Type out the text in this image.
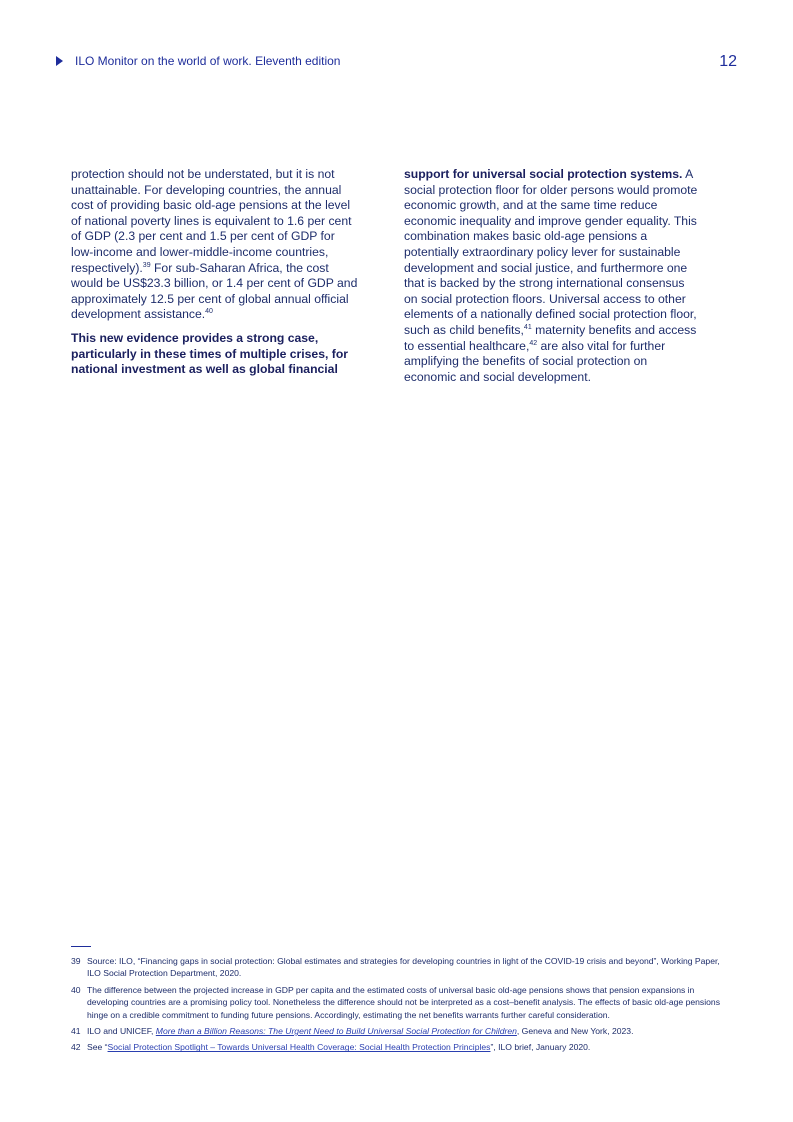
ILO Monitor on the world of work. Eleventh edition	12

protection should not be understated, but it is not unattainable. For developing countries, the annual cost of providing basic old-age pensions at the level of national poverty lines is equivalent to 1.6 per cent of GDP (2.3 per cent and 1.5 per cent of GDP for low-income and lower-middle-income countries, respectively).$^{39}$ For sub-Saharan Africa, the cost would be US$23.3 billion, or 1.4 per cent of GDP and approximately 12.5 per cent of global annual official development assistance.$^{40}$

This new evidence provides a strong case, particularly in these times of multiple crises, for national investment as well as global financial

support for universal social protection systems. A social protection floor for older persons would promote economic growth, and at the same time reduce economic inequality and improve gender equality. This combination makes basic old-age pensions a potentially extraordinary policy lever for sustainable development and social justice, and furthermore one that is backed by the strong international consensus on social protection floors. Universal access to other elements of a nationally defined social protection floor, such as child benefits,$^{41}$ maternity benefits and access to essential healthcare,$^{42}$ are also vital for further amplifying the benefits of social protection on economic and social development.

39 Source: ILO, “Financing gaps in social protection: Global estimates and strategies for developing countries in light of the COVID-19 crisis and beyond”, Working Paper, ILO Social Protection Department, 2020.
40 The difference between the projected increase in GDP per capita and the estimated costs of universal basic old-age pensions shows that pension expansions in developing countries are a promising policy tool. Nonetheless the difference should not be interpreted as a cost–benefit analysis. The effects of basic old-age pensions hinge on a credible commitment to funding future pensions. Accordingly, estimating the net benefits warrants further careful consideration.
41 ILO and UNICEF, More than a Billion Reasons: The Urgent Need to Build Universal Social Protection for Children, Geneva and New York, 2023.
42 See “Social Protection Spotlight – Towards Universal Health Coverage: Social Health Protection Principles”, ILO brief, January 2020.
